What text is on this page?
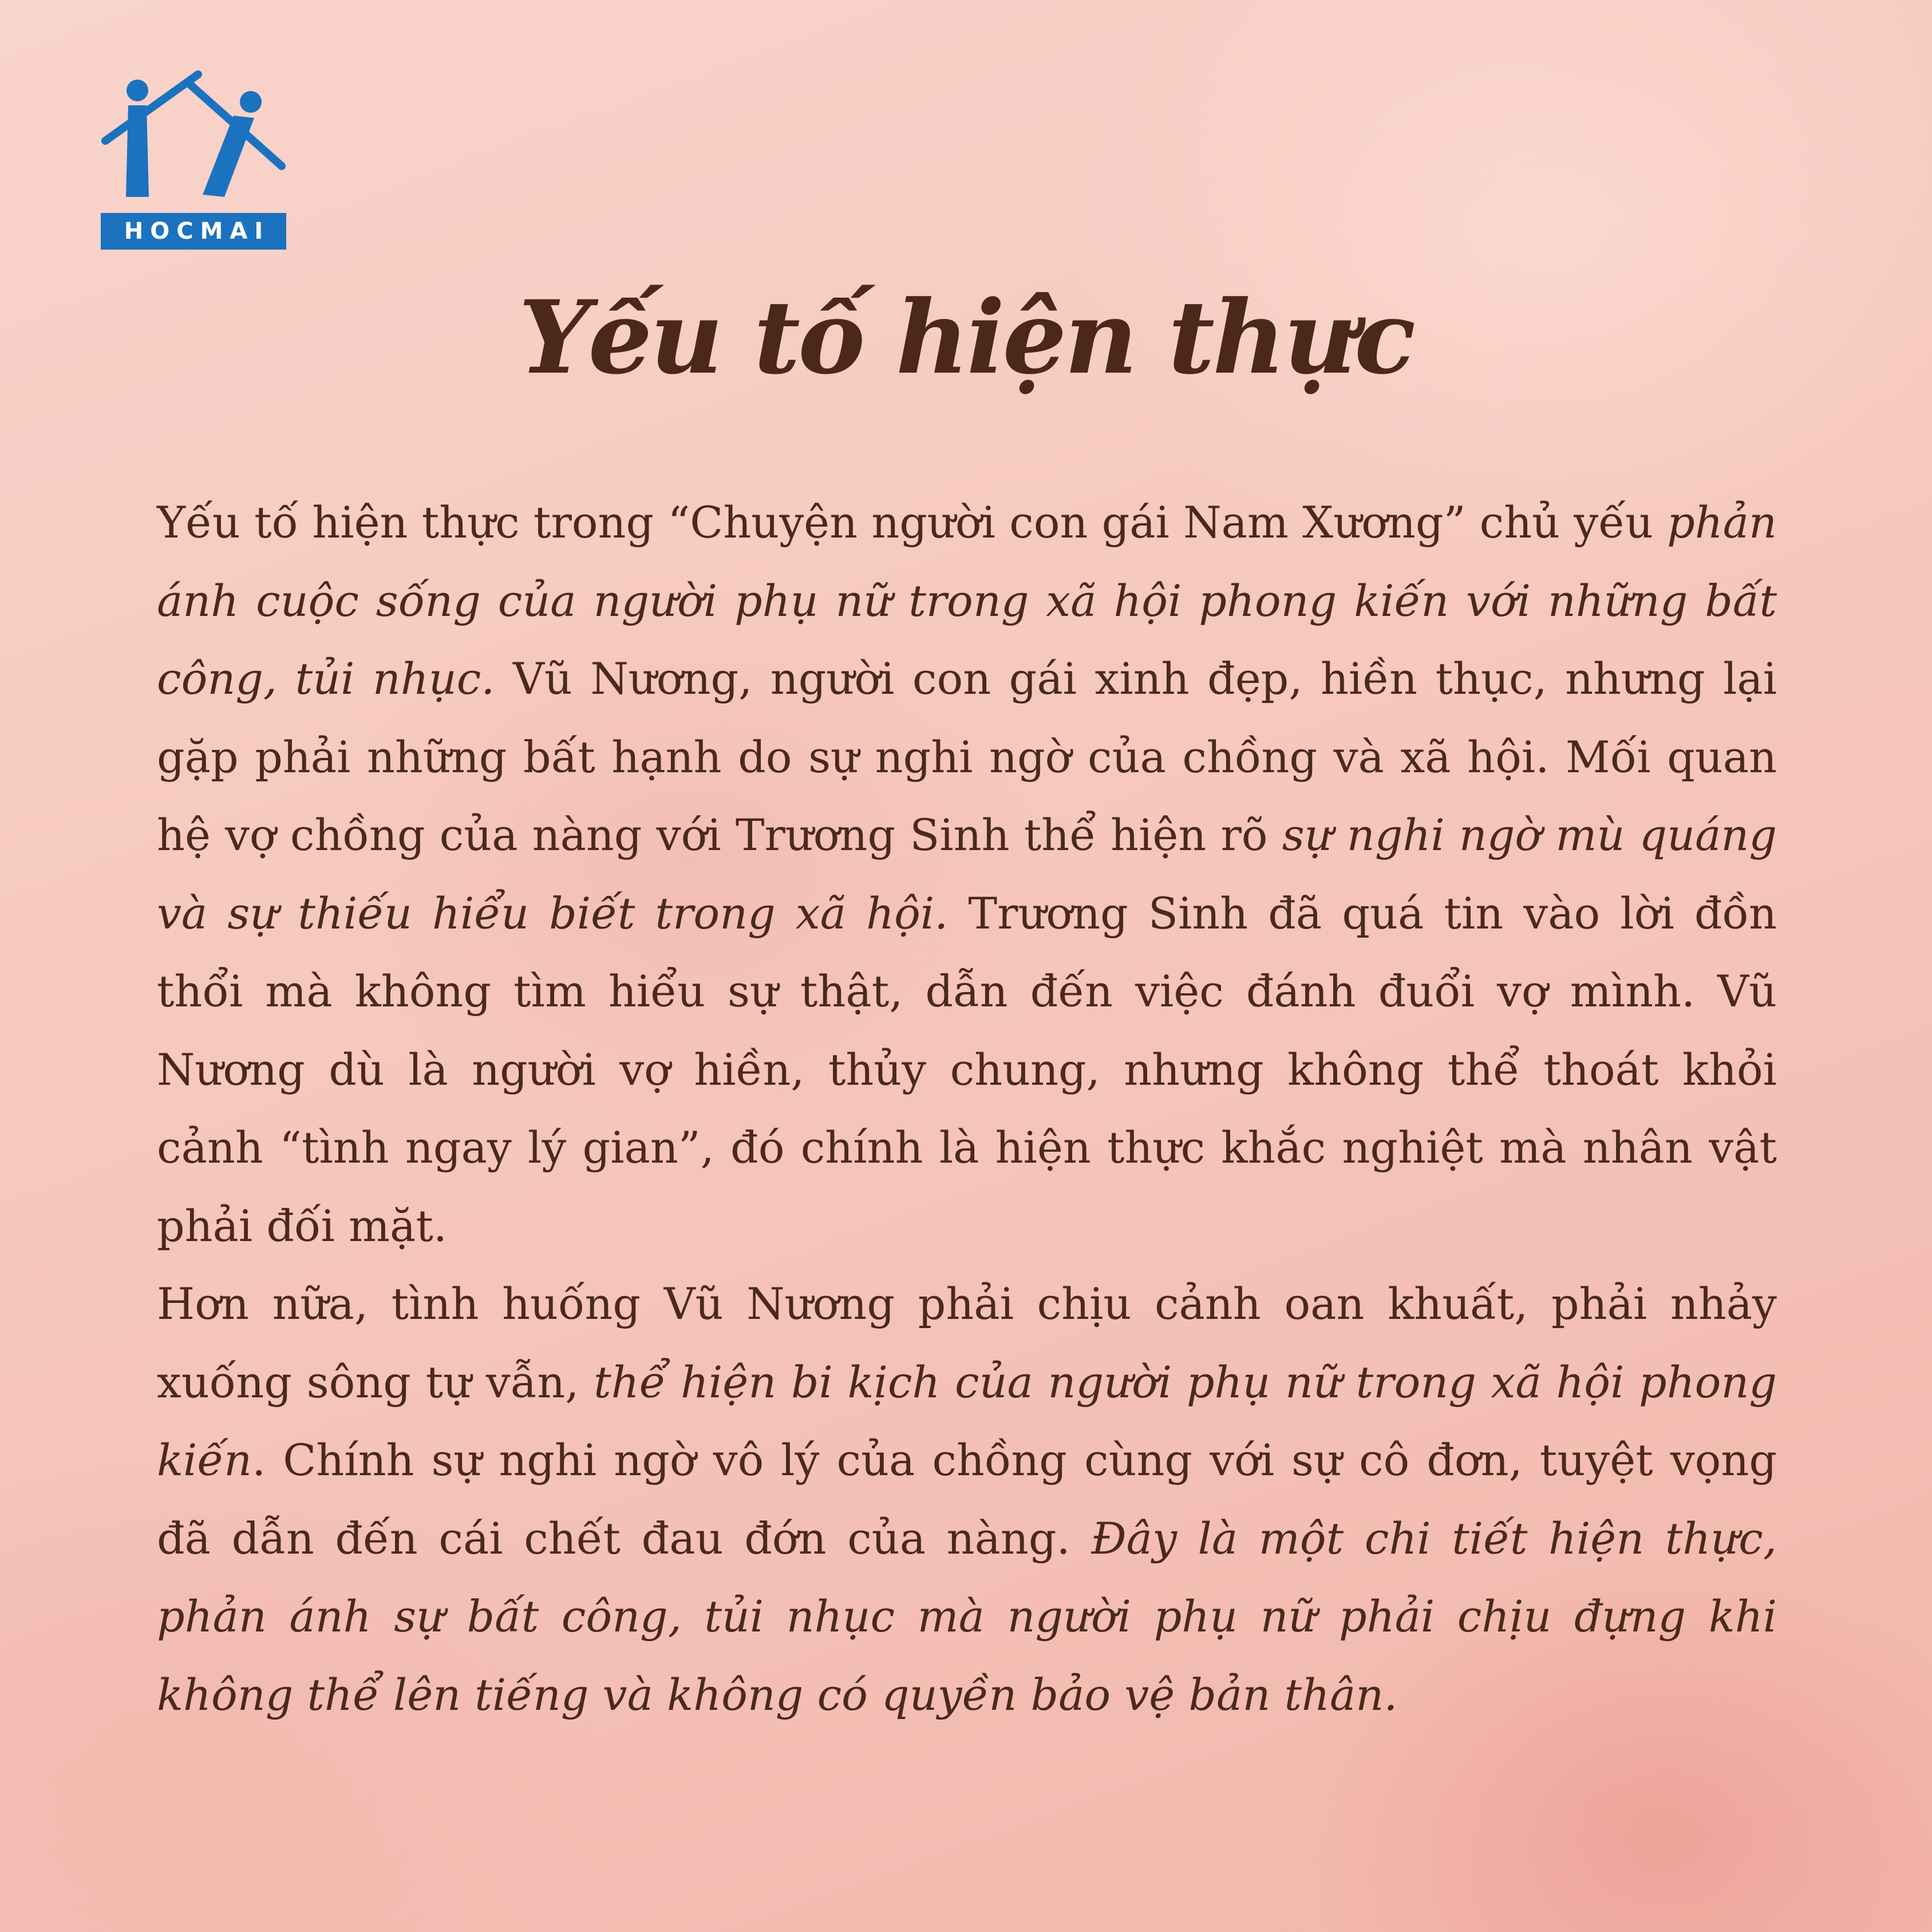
HOCMAI
Yếu tố hiện thực

Yếu tố hiện thực trong “Chuyện người con gái Nam Xương” chủ yếu phản ánh cuộc sống của người phụ nữ trong xã hội phong kiến với những bất công, tủi nhục. Vũ Nương, người con gái xinh đẹp, hiền thục, nhưng lại gặp phải những bất hạnh do sự nghi ngờ của chồng và xã hội. Mối quan hệ vợ chồng của nàng với Trương Sinh thể hiện rõ sự nghi ngờ mù quáng và sự thiếu hiểu biết trong xã hội. Trương Sinh đã quá tin vào lời đồn thổi mà không tìm hiểu sự thật, dẫn đến việc đánh đuổi vợ mình. Vũ Nương dù là người vợ hiền, thủy chung, nhưng không thể thoát khỏi cảnh “tình ngay lý gian”, đó chính là hiện thực khắc nghiệt mà nhân vật phải đối mặt.

Hơn nữa, tình huống Vũ Nương phải chịu cảnh oan khuất, phải nhảy xuống sông tự vẫn, thể hiện bi kịch của người phụ nữ trong xã hội phong kiến. Chính sự nghi ngờ vô lý của chồng cùng với sự cô đơn, tuyệt vọng đã dẫn đến cái chết đau đớn của nàng. Đây là một chi tiết hiện thực, phản ánh sự bất công, tủi nhục mà người phụ nữ phải chịu đựng khi không thể lên tiếng và không có quyền bảo vệ bản thân.
